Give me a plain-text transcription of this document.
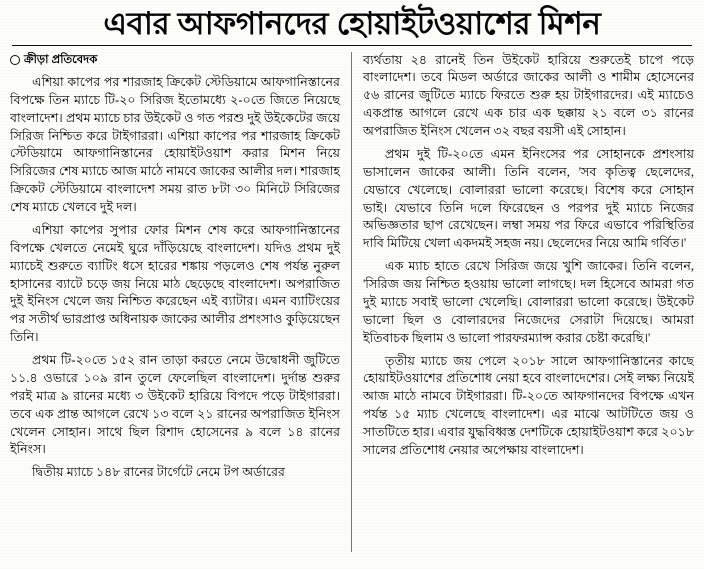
এবার আফগানদের হোয়াইটওয়াশের মিশন
ক্রীড়া প্রতিবেদক

এশিয়া কাপের পর শারজাহ ক্রিকেট স্টেডিয়ামে আফগানিস্তানের বিপক্ষে তিন ম্যাচে টি-২০ সিরিজ ইতোমধ্যে ২-০তে জিতে নিয়েছে বাংলাদেশ। প্রথম ম্যাচে চার উইকেট ও গত পরশু দুই উইকেটের জয়ে সিরিজ নিশ্চিত করে টাইগাররা। এশিয়া কাপের পর শারজাহ ক্রিকেট স্টেডিয়ামে আফগানিস্তানের হোয়াইটওয়াশ করার মিশন নিয়ে সিরিজের শেষ ম্যাচে আজ মাঠে নামবে জাকের আলীর দল। শারজাহ ক্রিকেট স্টেডিয়ামে বাংলাদেশ সময় রাত ৮টা ৩০ মিনিটে সিরিজের শেষ ম্যাচে খেলবে দুই দল।

এশিয়া কাপের সুপার ফোর মিশন শেষ করে আফগানিস্তানের বিপক্ষে খেলতে নেমেই ঘুরে দাঁড়িয়েছে বাংলাদেশ। যদিও প্রথম দুই ম্যাচেই শুরুতে ব্যাটিং ধসে হারের শঙ্কায় পড়লেও শেষ পর্যন্ত নুরুল হাসানের ব্যাটে চড়ে জয় নিয়ে মাঠ ছেড়েছে বাংলাদেশ। অপরাজিত দুই ইনিংস খেলে জয় নিশ্চিত করেছেন এই ব্যাটার। এমন ব্যাটিংয়ের পর সতীর্থ ভারপ্রাপ্ত অধিনায়ক জাকের আলীর প্রশংসাও কুড়িয়েছেন তিনি।

প্রথম টি-২০তে ১৫২ রান তাড়া করতে নেমে উদ্বোধনী জুটিতে ১১.৪ ওভারে ১০৯ রান তুলে ফেলেছিল বাংলাদেশ। দুর্দান্ত শুরুর পরই মাত্র ৯ রানের মধ্যে ৩ উইকেট হারিয়ে বিপদে পড়ে টাইগাররা। তবে এক প্রান্ত আগলে রেখে ১৩ বলে ২১ রানের অপরাজিত ইনিংস খেলেন সোহান। সাথে ছিল রিশাদ হোসেনের ৯ বলে ১৪ রানের ইনিংস।

দ্বিতীয় ম্যাচে ১৪৮ রানের টার্গেটে নেমে টপ অর্ডারের

ব্যর্থতায় ২৪ রানেই তিন উইকেট হারিয়ে শুরুতেই চাপে পড়ে বাংলাদেশ। তবে মিডল অর্ডারে জাকের আলী ও শামীম হোসেনের ৫৬ রানের জুটিতে ম্যাচে ফিরতে শুরু হয় টাইগারদের। এই ম্যাচেও একপ্রান্ত আগলে রেখে এক চার এক ছক্কায় ২১ বলে ৩১ রানের অপরাজিত ইনিংস খেলেন ৩২ বছর বয়সী এই সোহান।

প্রথম দুই টি-২০তে এমন ইনিংসের পর সোহানকে প্রশংসায় ভাসালেন জাকের আলী। তিনি বলেন, 'সব কৃতিত্ব ছেলেদের, যেভাবে খেলেছে। বোলাররা ভালো করেছে। বিশেষ করে সোহান ভাই। যেভাবে তিনি দলে ফিরেছেন ও পরপর দুই ম্যাচে নিজের অভিজ্ঞতার ছাপ রেখেছেন। লম্বা সময় পর ফিরে এভাবে পরিস্থিতির দাবি মিটিয়ে খেলা একদমই সহজ নয়। ছেলেদের নিয়ে আমি গর্বিত।'

এক ম্যাচ হাতে রেখে সিরিজ জয়ে খুশি জাকের। তিনি বলেন, 'সিরিজ জয় নিশ্চিত হওয়ায় ভালো লাগছে। দল হিসেবে আমরা গত দুই ম্যাচে সবাই ভালো খেলেছি। বোলাররা ভালো করেছে। উইকেট ভালো ছিল ও বোলারদের নিজেদের সেরাটা দিয়েছে। আমরা ইতিবাচক ছিলাম ও ভালো পারফরম্যান্স করার চেষ্টা করেছি।'

তৃতীয় ম্যাচে জয় পেলে ২০১৮ সালে আফগানিস্তানের কাছে হোয়াইটওয়াশের প্রতিশোধ নেয়া হবে বাংলাদেশের। সেই লক্ষ্য নিয়েই আজ মাঠে নামবে টাইগাররা। টি-২০তে আফগানদের বিপক্ষে এখন পর্যন্ত ১৫ ম্যাচ খেলেছে বাংলাদেশ। এর মাঝে আটটিতে জয় ও সাতটিতে হার। এবার যুদ্ধবিধ্বস্ত দেশটিকে হোয়াইটওয়াশ করে ২০১৮ সালের প্রতিশোধ নেয়ার অপেক্ষায় বাংলাদেশ।
